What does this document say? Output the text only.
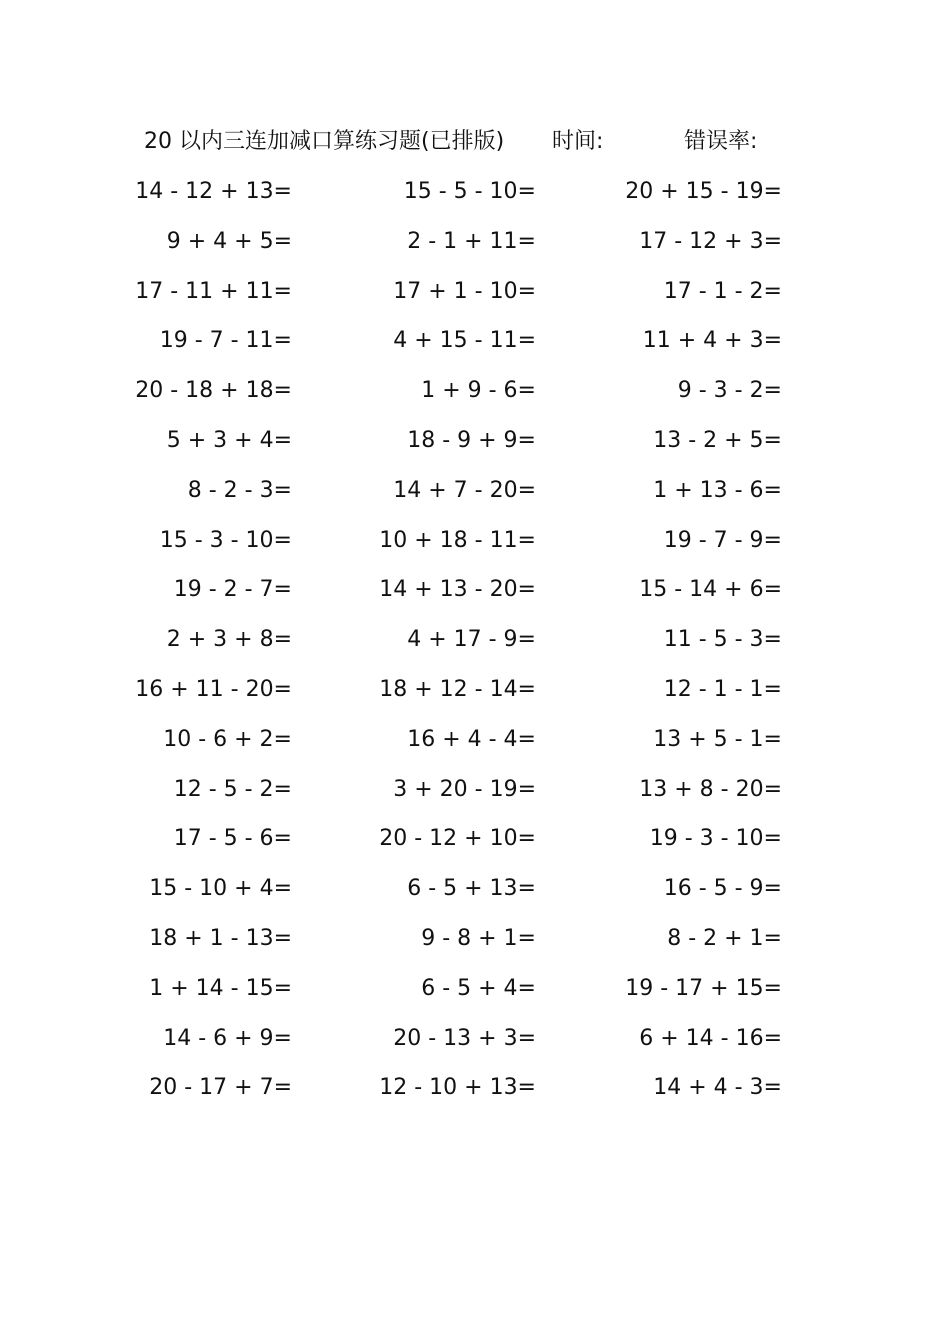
20 以内三连加减口算练习题(已排版) 时间:	错误率:
14 - 12 + 13=	15 - 5 - 10=	20 + 15 - 19=
9 + 4 + 5=	2 - 1 + 11=	17 - 12 + 3=
17 - 11 + 11=	17 + 1 - 10=	17 - 1 - 2=
19 - 7 - 11=	4 + 15 - 11=	11 + 4 + 3=
20 - 18 + 18=	1 + 9 - 6=	9 - 3 - 2=
5 + 3 + 4=	18 - 9 + 9=	13 - 2 + 5=
8 - 2 - 3=	14 + 7 - 20=	1 + 13 - 6=
15 - 3 - 10=	10 + 18 - 11=	19 - 7 - 9=
19 - 2 - 7=	14 + 13 - 20=	15 - 14 + 6=
2 + 3 + 8=	4 + 17 - 9=	11 - 5 - 3=
16 + 11 - 20=	18 + 12 - 14=	12 - 1 - 1=
10 - 6 + 2=	16 + 4 - 4=	13 + 5 - 1=
12 - 5 - 2=	3 + 20 - 19=	13 + 8 - 20=
17 - 5 - 6=	20 - 12 + 10=	19 - 3 - 10=
15 - 10 + 4=	6 - 5 + 13=	16 - 5 - 9=
18 + 1 - 13=	9 - 8 + 1=	8 - 2 + 1=
1 + 14 - 15=	6 - 5 + 4=	19 - 17 + 15=
14 - 6 + 9=	20 - 13 + 3=	6 + 14 - 16=
20 - 17 + 7=	12 - 10 + 13=	14 + 4 - 3=
